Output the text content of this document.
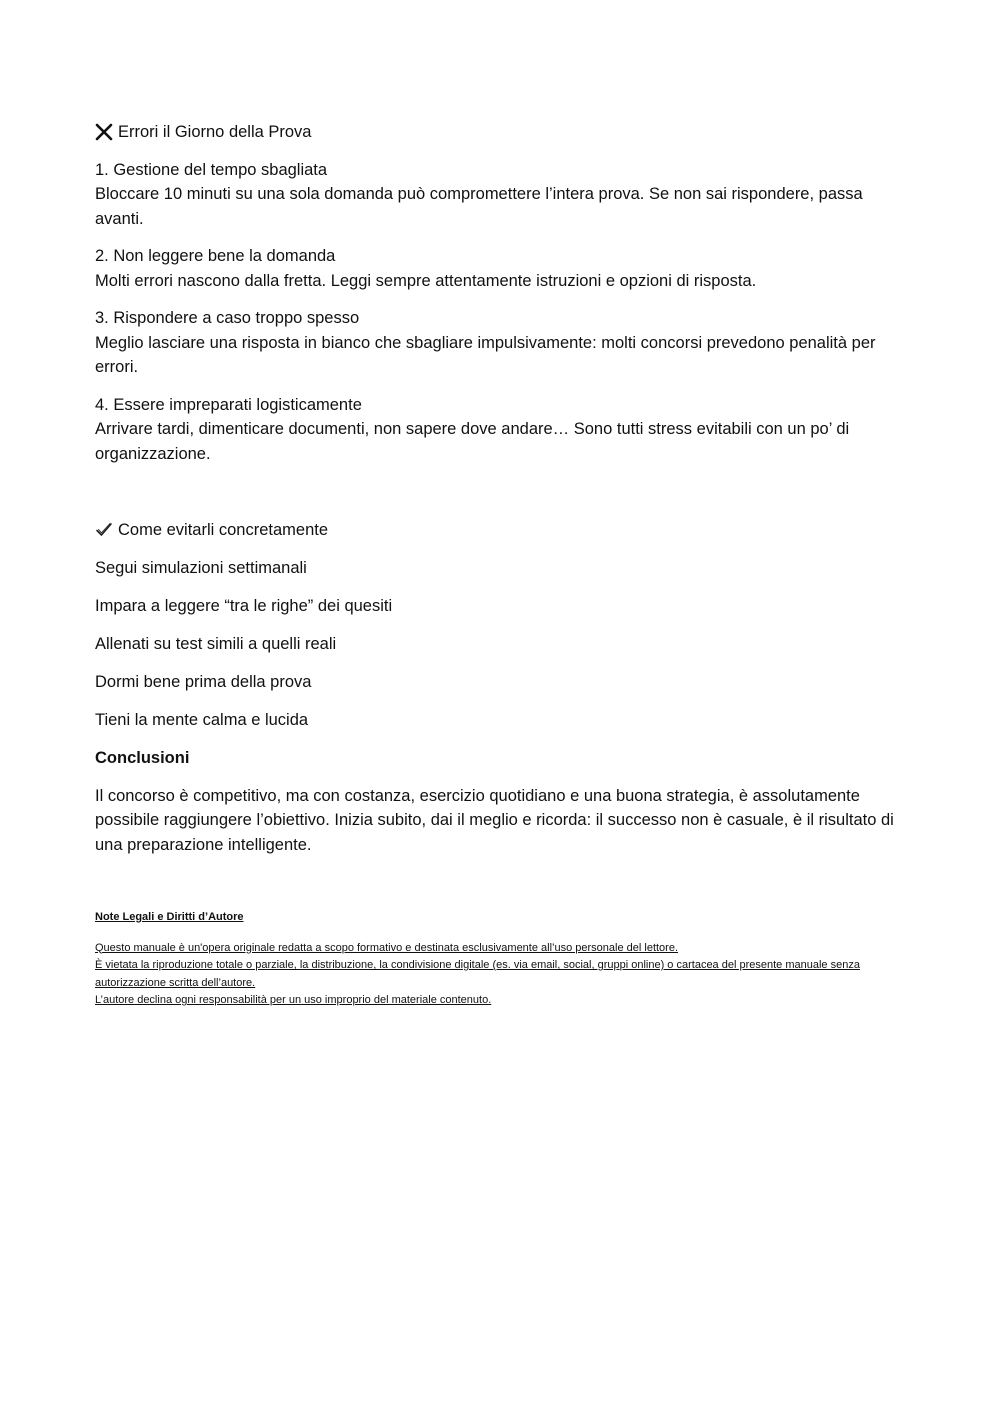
Errori il Giorno della Prova

1. Gestione del tempo sbagliata

Bloccare 10 minuti su una sola domanda può compromettere l’intera prova. Se non sai rispondere, passa avanti.

2. Non leggere bene la domanda

Molti errori nascono dalla fretta. Leggi sempre attentamente istruzioni e opzioni di risposta.

3. Rispondere a caso troppo spesso

Meglio lasciare una risposta in bianco che sbagliare impulsivamente: molti concorsi prevedono penalità per errori.

4. Essere impreparati logisticamente

Arrivare tardi, dimenticare documenti, non sapere dove andare… Sono tutti stress evitabili con un po’ di organizzazione.

Come evitarli concretamente

Segui simulazioni settimanali

Impara a leggere “tra le righe” dei quesiti

Allenati su test simili a quelli reali

Dormi bene prima della prova

Tieni la mente calma e lucida

Conclusioni

Il concorso è competitivo, ma con costanza, esercizio quotidiano e una buona strategia, è assolutamente possibile raggiungere l’obiettivo. Inizia subito, dai il meglio e ricorda: il successo non è casuale, è il risultato di una preparazione intelligente.

Note Legali e Diritti d’Autore

Questo manuale è un'opera originale redatta a scopo formativo e destinata esclusivamente all’uso personale del lettore.

È vietata la riproduzione totale o parziale, la distribuzione, la condivisione digitale (es. via email, social, gruppi online) o cartacea del presente manuale senza autorizzazione scritta dell’autore.

L’autore declina ogni responsabilità per un uso improprio del materiale contenuto.
